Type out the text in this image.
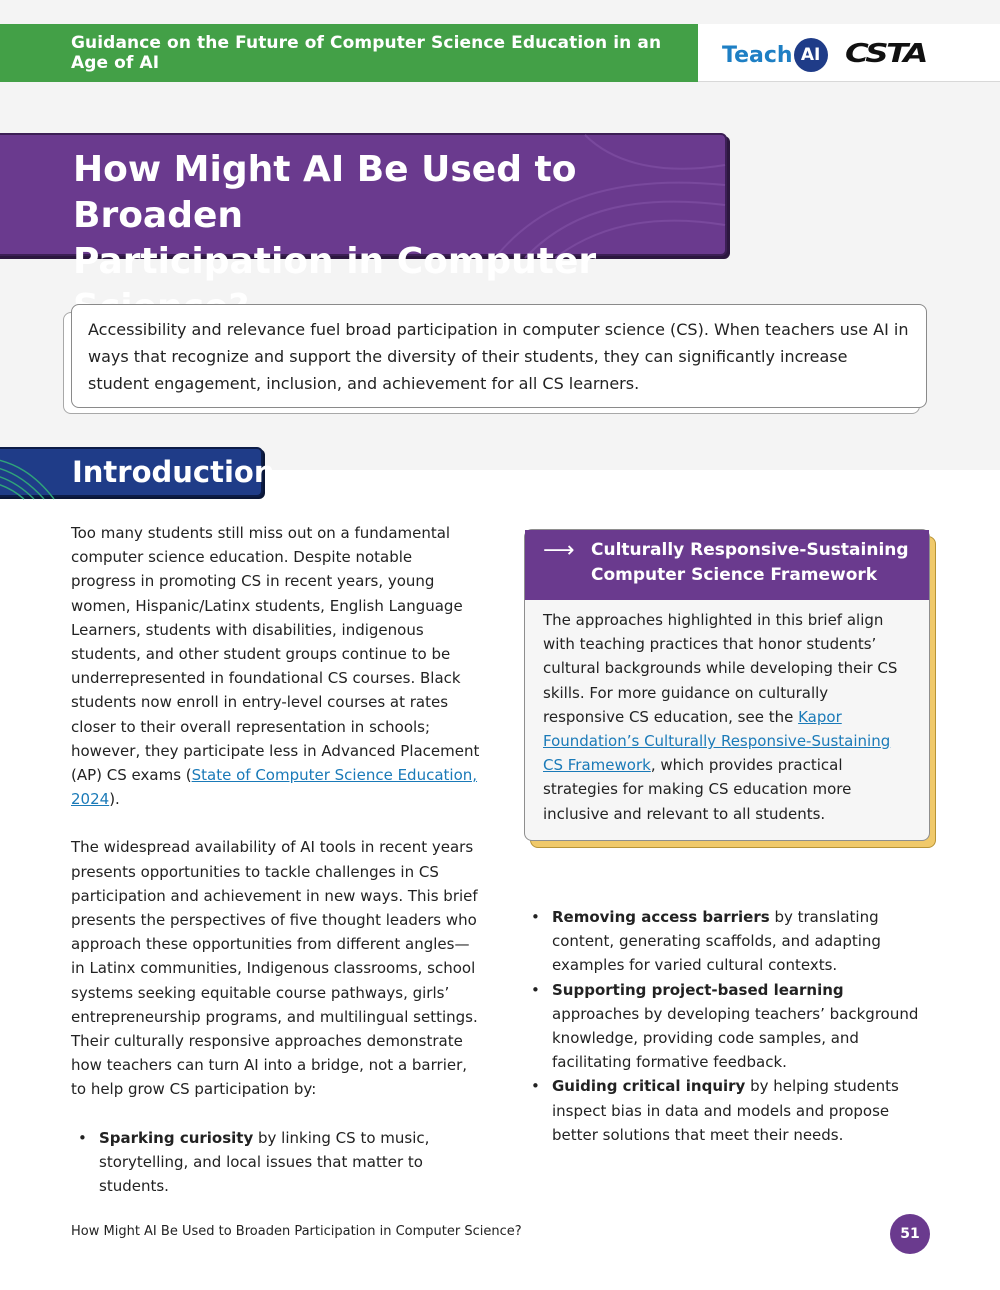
Guidance on the Future of Computer Science Education in an Age of AI	Teach AI CSTA
How Might AI Be Used to Broaden
Participation in Computer

Accessibility and relevance fuel broad participation in computer science (CS). When teachers use AI in ways that recognize and support the diversity of their students, they can significantly increase student engagement, inclusion, and achievement for all CS learners.

Introduction

Too many students still miss out on a fundamental computer science education. Despite notable progress in promoting CS in recent years, young women, Hispanic/Latinx students, English Language Learners, students with disabilities, indigenous students, and other student groups continue to be underrepresented in foundational CS courses. Black students now enroll in entry-level courses at rates closer to their overall representation in schools; however, they participate less in Advanced Placement (AP) CS exams (State of Computer Science Education, 2024).

The widespread availability of AI tools in recent years presents opportunities to tackle challenges in CS participation and achievement in new ways. This brief presents the perspectives of five thought leaders who approach these opportunities from different angles—in Latinx communities, Indigenous classrooms, school systems seeking equitable course pathways, girls’ entrepreneurship programs, and multilingual settings. Their culturally responsive approaches demonstrate how teachers can turn AI into a bridge, not a barrier, to help grow CS participation by:

• Sparking curiosity by linking CS to music, storytelling, and local issues that matter to students.
⟶ Culturally Responsive-Sustaining Computer Science Framework
The approaches highlighted in this brief align with teaching practices that honor students’ cultural backgrounds while developing their CS skills. For more guidance on culturally responsive CS education, see the Kapor Foundation’s Culturally Responsive-Sustaining CS Framework, which provides practical strategies for making CS education more inclusive and relevant to all students.
• Removing access barriers by translating content, generating scaffolds, and adapting examples for varied cultural contexts.
• Supporting project-based learning approaches by developing teachers’ background knowledge, providing code samples, and facilitating formative feedback.
• Guiding critical inquiry by helping students inspect bias in data and models and propose better solutions that meet their needs.
How Might AI Be Used to Broaden Participation in Computer Science?	51
